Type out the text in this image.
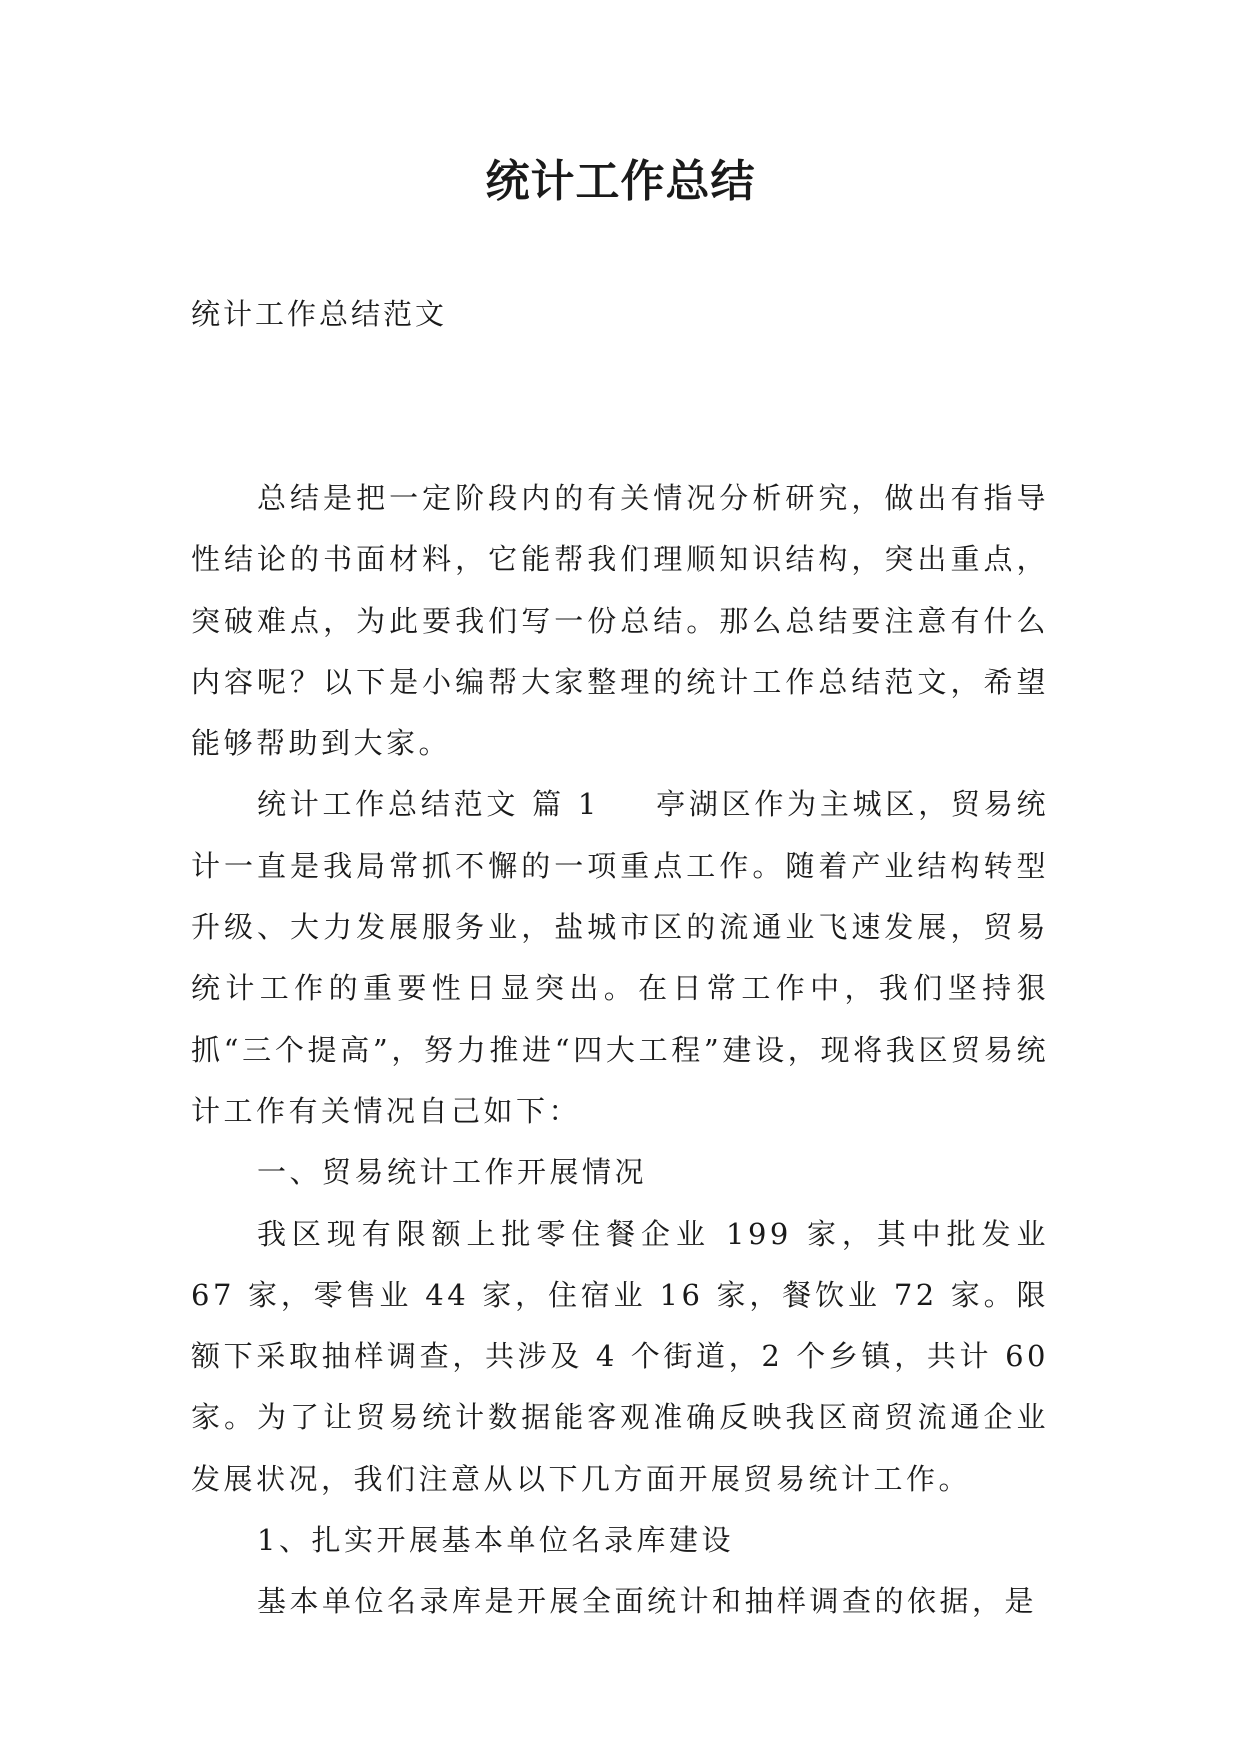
统计工作总结

统计工作总结范文

总结是把一定阶段内的有关情况分析研究，做出有指导性结论的书面材料，它能帮我们理顺知识结构，突出重点，突破难点，为此要我们写一份总结。那么总结要注意有什么内容呢？以下是小编帮大家整理的统计工作总结范文，希望能够帮助到大家。

统计工作总结范文 篇 1 亭湖区作为主城区，贸易统计一直是我局常抓不懈的一项重点工作。随着产业结构转型升级、大力发展服务业，盐城市区的流通业飞速发展，贸易统计工作的重要性日显突出。在日常工作中，我们坚持狠抓“三个提高”，努力推进“四大工程”建设，现将我区贸易统计工作有关情况自己如下：

一、贸易统计工作开展情况

我区现有限额上批零住餐企业 199 家，其中批发业 67 家，零售业 44 家，住宿业 16 家，餐饮业 72 家。限额下采取抽样调查，共涉及 4 个街道，2 个乡镇，共计 60 家。为了让贸易统计数据能客观准确反映我区商贸流通企业发展状况，我们注意从以下几方面开展贸易统计工作。

1、扎实开展基本单位名录库建设

基本单位名录库是开展全面统计和抽样调查的依据，是
